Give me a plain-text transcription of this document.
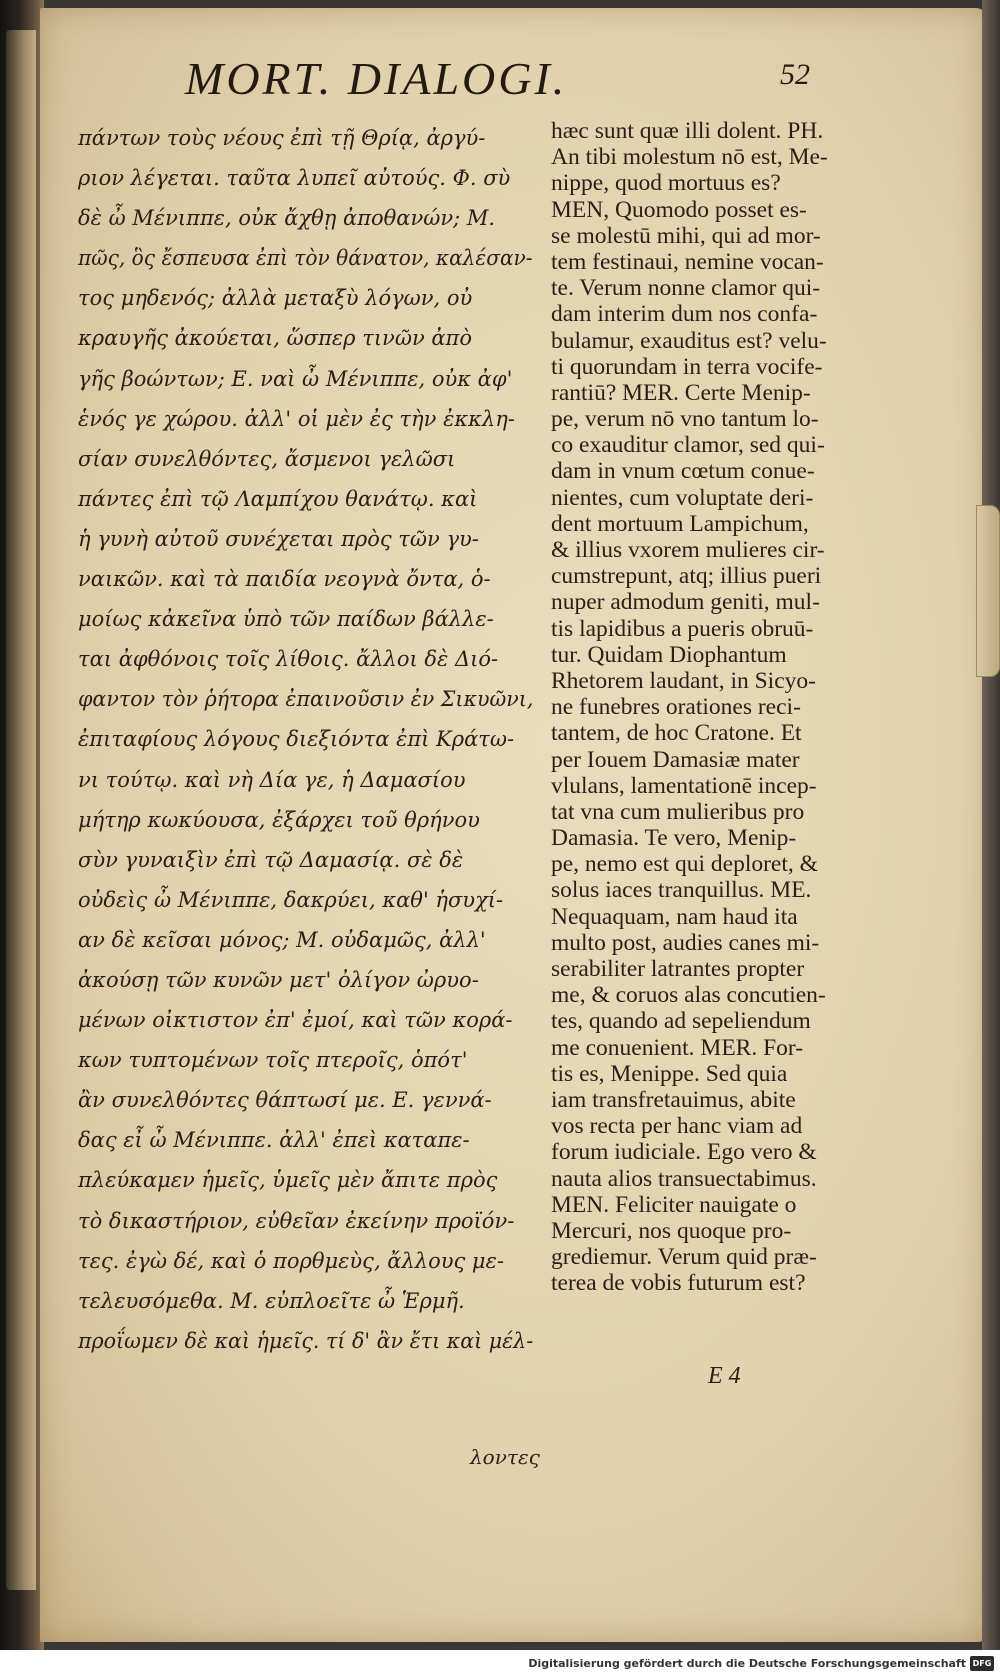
MORT. DIALOGI.	52
πάντων τοὺς νέους ἐπὶ τῇ Θρίᾳ, ἀργύ-
ριον λέγεται. ταῦτα λυπεῖ αὐτούς. Φ. σὺ
δὲ ὦ Μένιππε, οὐκ ἄχθῃ ἀποθανών; Μ.
πῶς, ὃς ἔσπευσα ἐπὶ τὸν θάνατον, καλέσαν-
τος μηδενός; ἀλλὰ μεταξὺ λόγων, οὐ
κραυγῆς ἀκούεται, ὥσπερ τινῶν ἀπὸ
γῆς βοώντων; Ε. ναὶ ὦ Μένιππε, οὐκ ἀφ'
ἑνός γε χώρου. ἀλλ' οἱ μὲν ἐς τὴν ἐκκλη-
σίαν συνελθόντες, ἄσμενοι γελῶσι
πάντες ἐπὶ τῷ Λαμπίχου θανάτῳ. καὶ
ἡ γυνὴ αὐτοῦ συνέχεται πρὸς τῶν γυ-
ναικῶν. καὶ τὰ παιδία νεογνὰ ὄντα, ὁ-
μοίως κἀκεῖνα ὑπὸ τῶν παίδων βάλλε-
ται ἀφθόνοις τοῖς λίθοις. ἄλλοι δὲ Διό-
φαντον τὸν ῥήτορα ἐπαινοῦσιν ἐν Σικυῶνι,
ἐπιταφίους λόγους διεξιόντα ἐπὶ Κράτω-
νι τούτῳ. καὶ νὴ Δία γε, ἡ Δαμασίου
μήτηρ κωκύουσα, ἐξάρχει τοῦ θρήνου
σὺν γυναιξὶν ἐπὶ τῷ Δαμασίᾳ. σὲ δὲ
οὐδεὶς ὦ Μένιππε, δακρύει, καθ' ἡσυχί-
αν δὲ κεῖσαι μόνος; Μ. οὐδαμῶς, ἀλλ'
ἀκούσῃ τῶν κυνῶν μετ' ὀλίγον ὠρυο-
μένων οἰκτιστον ἐπ' ἐμοί, καὶ τῶν κορά-
κων τυπτομένων τοῖς πτεροῖς, ὁπότ'
ἂν συνελθόντες θάπτωσί με. Ε. γεννά-
δας εἶ ὦ Μένιππε. ἀλλ' ἐπεὶ καταπε-
πλεύκαμεν ἡμεῖς, ὑμεῖς μὲν ἄπιτε πρὸς
τὸ δικαστήριον, εὐθεῖαν ἐκείνην προϊόν-
τες. ἐγὼ δέ, καὶ ὁ πορθμεὺς, ἄλλους με-
τελευσόμεθα. Μ. εὐπλοεῖτε ὦ Ἑρμῆ.
προΐωμεν δὲ καὶ ἡμεῖς. τί δ' ἂν ἔτι καὶ μέλ-
hæc sunt quæ illi dolent. PH.
An tibi molestum nō est, Me-
nippe, quod mortuus es?
MEN, Quomodo posset es-
se molestū mihi, qui ad mor-
tem festinaui, nemine vocan-
te. Verum nonne clamor qui-
dam interim dum nos confa-
bulamur, exauditus est? velu-
ti quorundam in terra vocife-
rantiū? MER. Certe Menip-
pe, verum nō vno tantum lo-
co exauditur clamor, sed qui-
dam in vnum cœtum conue-
nientes, cum voluptate deri-
dent mortuum Lampichum,
& illius vxorem mulieres cir-
cumstrepunt, atq; illius pueri
nuper admodum geniti, mul-
tis lapidibus a pueris obruū-
tur. Quidam Diophantum
Rhetorem laudant, in Sicyo-
ne funebres orationes reci-
tantem, de hoc Cratone. Et
per Iouem Damasiæ mater
vlulans, lamentationē incep-
tat vna cum mulieribus pro
Damasia. Te vero, Menip-
pe, nemo est qui deploret, &
solus iaces tranquillus. ME.
Nequaquam, nam haud ita
multo post, audies canes mi-
serabiliter latrantes propter
me, & coruos alas concutien-
tes, quando ad sepeliendum
me conuenient. MER. For-
tis es, Menippe. Sed quia
iam transfretauimus, abite
vos recta per hanc viam ad
forum iudiciale. Ego vero &
nauta alios transuectabimus.
MEN. Feliciter nauigate o
Mercuri, nos quoque pro-
grediemur. Verum quid præ-
terea de vobis futurum est?
λοντες
E 4
Digitalisierung gefördert durch die Deutsche Forschungsgemeinschaft DFG
